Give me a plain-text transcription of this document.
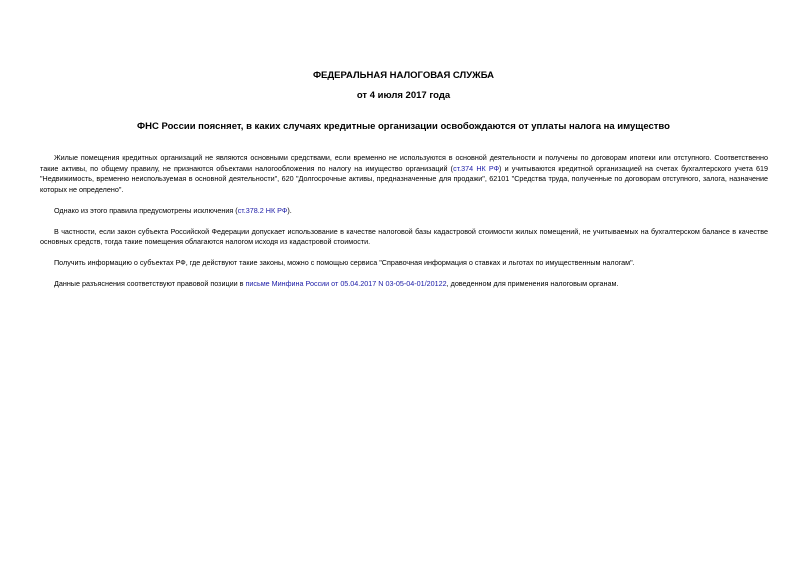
ФЕДЕРАЛЬНАЯ НАЛОГОВАЯ СЛУЖБА
от 4 июля 2017 года
ФНС России поясняет, в каких случаях кредитные организации освобождаются от уплаты налога на имущество

Жилые помещения кредитных организаций не являются основными средствами, если временно не используются в основной деятельности и получены по договорам ипотеки или отступного. Соответственно такие активы, по общему правилу, не признаются объектами налогообложения по налогу на имущество организаций (ст.374 НК РФ) и учитываются кредитной организацией на счетах бухгалтерского учета 619 "Недвижимость, временно неиспользуемая в основной деятельности", 620 "Долгосрочные активы, предназначенные для продажи", 62101 "Средства труда, полученные по договорам отступного, залога, назначение которых не определено".

Однако из этого правила предусмотрены исключения (ст.378.2 НК РФ).

В частности, если закон субъекта Российской Федерации допускает использование в качестве налоговой базы кадастровой стоимости жилых помещений, не учитываемых на бухгалтерском балансе в качестве основных средств, тогда такие помещения облагаются налогом исходя из кадастровой стоимости.

Получить информацию о субъектах РФ, где действуют такие законы, можно с помощью сервиса "Справочная информация о ставках и льготах по имущественным налогам".

Данные разъяснения соответствуют правовой позиции в письме Минфина России от 05.04.2017 N 03-05-04-01/20122, доведенном для применения налоговым органам.
